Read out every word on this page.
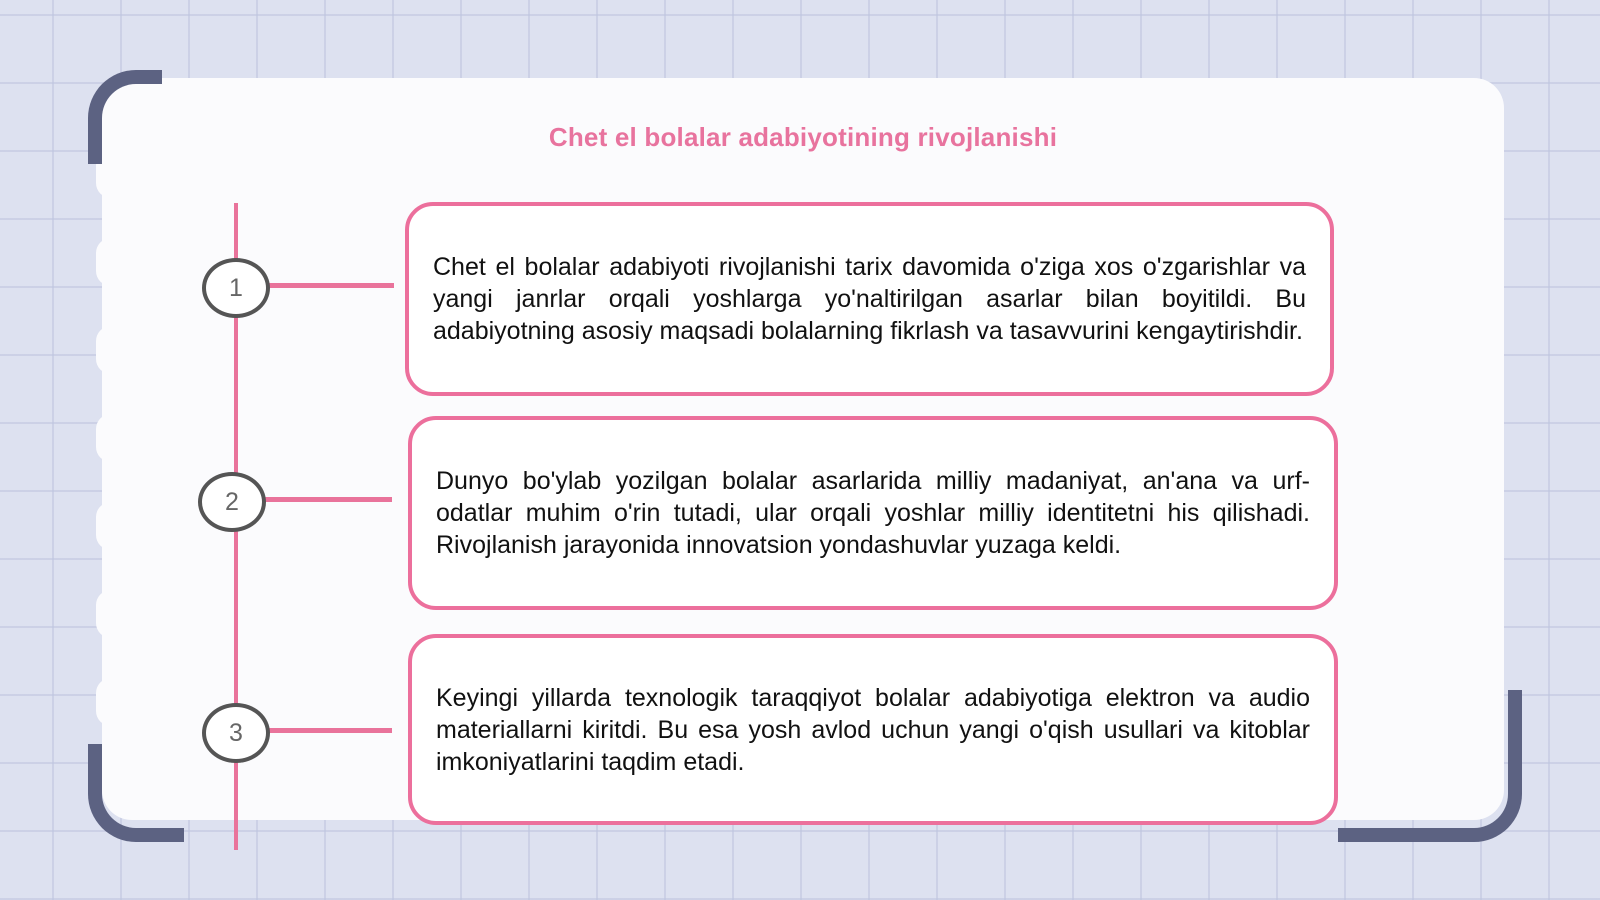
Chet el bolalar adabiyotining rivojlanishi
1
2
3

Chet el bolalar adabiyoti rivojlanishi tarix davomida o'ziga xos o'zgarishlar va yangi janrlar orqali yoshlarga yo'naltirilgan asarlar bilan boyitildi. Bu adabiyotning asosiy maqsadi bolalarning fikrlash va tasavvurini kengaytirishdir.

Dunyo bo'ylab yozilgan bolalar asarlarida milliy madaniyat, an'ana va urf-odatlar muhim o'rin tutadi, ular orqali yoshlar milliy identitetni his qilishadi. Rivojlanish jarayonida innovatsion yondashuvlar yuzaga keldi.

Keyingi yillarda texnologik taraqqiyot bolalar adabiyotiga elektron va audio materiallarni kiritdi. Bu esa yosh avlod uchun yangi o'qish usullari va kitoblar imkoniyatlarini taqdim etadi.
